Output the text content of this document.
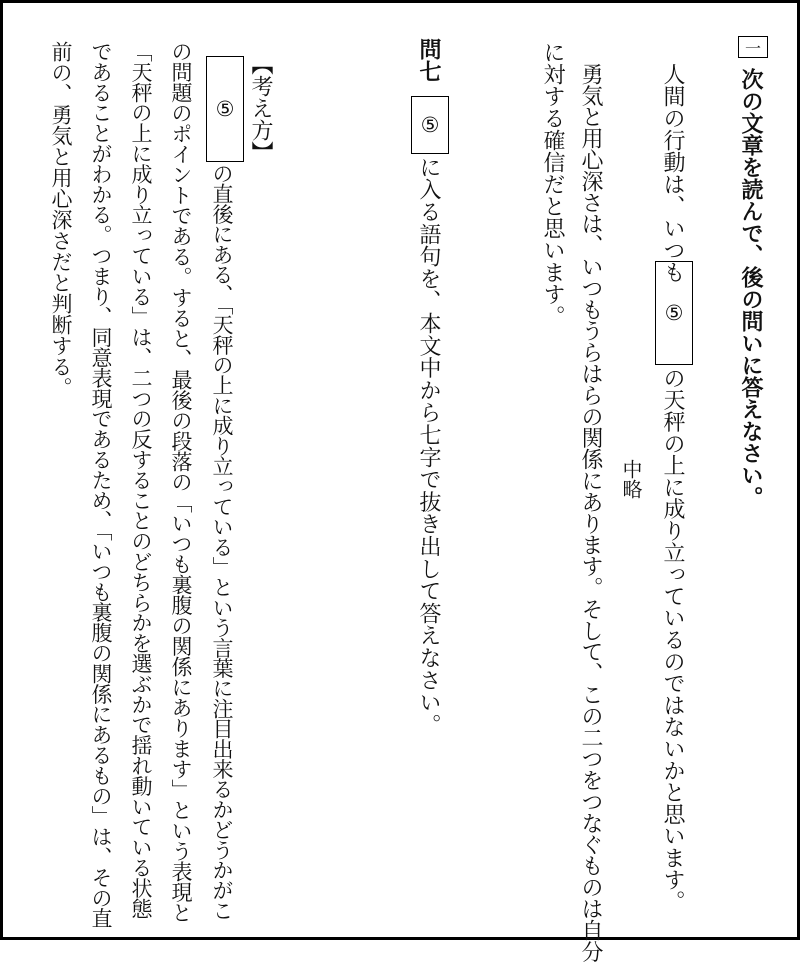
一
次の文章を読んで、後の問いに答えなさい。
人間の行動は、いつも
⑤
の天秤の上に成り立っているのではないかと思います。
中略
勇気と用心深さは、いつもうらはらの関係にあります。そして、この二つをつなぐものは自分
に対する確信だと思います。
問七
⑤
に入る語句を、本文中から七字で抜き出して答えなさい。
【考え方】
⑤
の直後にある、「天秤の上に成り立っている」という言葉に注目出来るかどうかがこ
の問題のポイントである。すると、最後の段落の「いつも裏腹の関係にあります」という表現と
「天秤の上に成り立っている」は、二つの反することのどちらかを選ぶかで揺れ動いている状態
であることがわかる。つまり、同意表現であるため、「いつも裏腹の関係にあるもの」は、その直
前の、勇気と用心深さだと判断する。
